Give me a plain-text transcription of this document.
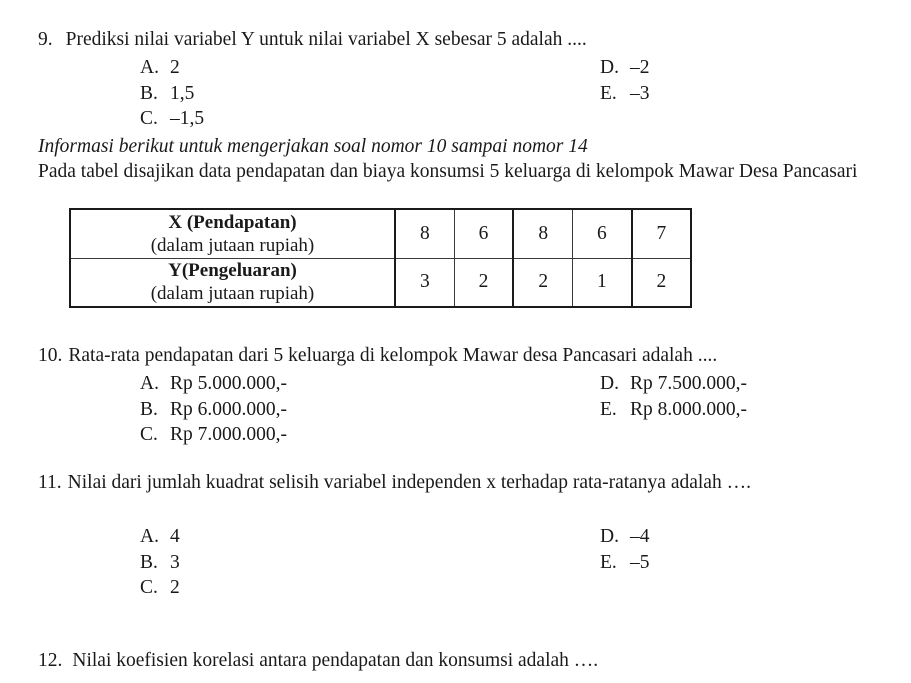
9. Prediksi nilai variabel Y untuk nilai variabel X sebesar 5 adalah ....
A. 2
B. 1,5
C. –1,5
D. –2
E. –3
Informasi berikut untuk mengerjakan soal nomor 10 sampai nomor 14
Pada tabel disajikan data pendapatan dan biaya konsumsi 5 keluarga di kelompok Mawar Desa Pancasari
X (Pendapatan)
(dalam jutaan rupiah)	8	6	8	6	7

Y(Pengeluaran)
(dalam jutaan rupiah)	3	2	2	1	2
10. Rata-rata pendapatan dari 5 keluarga di kelompok Mawar desa Pancasari adalah ....
A. Rp 5.000.000,-
B. Rp 6.000.000,-
C. Rp 7.000.000,-
D. Rp 7.500.000,-
E. Rp 8.000.000,-
11. Nilai dari jumlah kuadrat selisih variabel independen x terhadap rata-ratanya adalah ….
A. 4
B. 3
C. 2
D. –4
E. –5
12. Nilai koefisien korelasi antara pendapatan dan konsumsi adalah ….
